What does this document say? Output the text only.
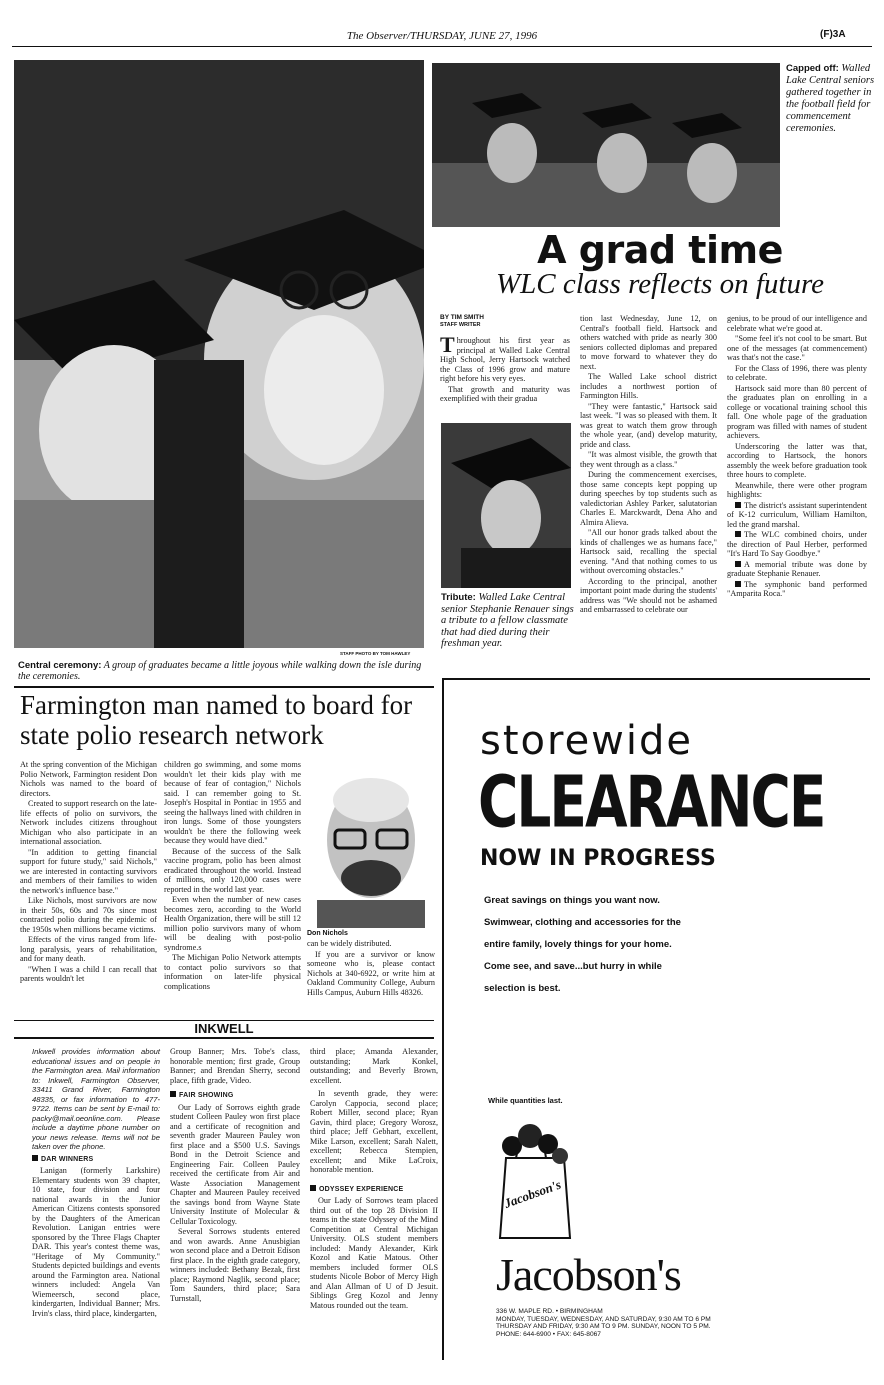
The Observer/THURSDAY, JUNE 27, 1996	(F)3A
STAFF PHOTO BY TOM HAWLEY
Central ceremony: A group of graduates became a little joyous while walking down the isle during the ceremonies.
Capped off: Walled Lake Central seniors gathered together in the football field for commencement ceremonies.
A grad time
WLC class reflects on future
BY TIM SMITH
STAFF WRITER

Throughout his first year as principal at Walled Lake Central High School, Jerry Hartsock watched the Class of 1996 grow and mature right before his very eyes.

That growth and maturity was exemplified with their gradua

Tribute: Walled Lake Central senior Stephanie Renauer sings a tribute to a fellow classmate that had died during their freshman year.

tion last Wednesday, June 12, on Central's football field. Hartsock and others watched with pride as nearly 300 seniors collected diplomas and prepared to move forward to whatever they do next.

The Walled Lake school district includes a northwest portion of Farmington Hills.

"They were fantastic," Hartsock said last week. "I was so pleased with them. It was great to watch them grow through the whole year, (and) develop maturity, pride and class.

"It was almost visible, the growth that they went through as a class."

During the commencement exercises, those same concepts kept popping up during speeches by top students such as valedictorian Ashley Parker, salutatorian Charles E. Marckwardt, Dena Aho and Almira Alieva.

"All our honor grads talked about the kinds of challenges we as humans face," Hartsock said, recalling the special evening. "And that nothing comes to us without overcoming obstacles."

According to the principal, another important point made during the students' address was "We should not be ashamed and embarrassed to celebrate our

genius, to be proud of our intelligence and celebrate what we're good at.

"Some feel it's not cool to be smart. But one of the messages (at commencement) was that's not the case."

For the Class of 1996, there was plenty to celebrate.

Hartsock said more than 80 percent of the graduates plan on enrolling in a college or vocational training school this fall. One whole page of the graduation program was filled with names of student achievers.

Underscoring the latter was that, according to Hartsock, the honors assembly the week before graduation took three hours to complete.

Meanwhile, there were other program highlights:

The district's assistant superintendent of K-12 curriculum, William Hamilton, led the grand marshal.

The WLC combined choirs, under the direction of Paul Herber, performed "It's Hard To Say Goodbye."

A memorial tribute was done by graduate Stephanie Renauer.

The symphonic band performed "Amparita Roca."

Farmington man named to board for state polio research network

At the spring convention of the Michigan Polio Network, Farmington resident Don Nichols was named to the board of directors.

Created to support research on the late-life effects of polio on survivors, the Network includes citizens throughout Michigan who also participate in an international association.

"In addition to getting financial support for future study," said Nichols," we are interested in contacting survivors and members of their families to widen the network's influence base."

Like Nichols, most survivors are now in their 50s, 60s and 70s since most contracted polio during the epidemic of the 1950s when millions became victims.

Effects of the virus ranged from life-long paralysis, years of rehabilitation, and for many death.

"When I was a child I can recall that parents wouldn't let

children go swimming, and some moms wouldn't let their kids play with me because of fear of contagion," Nichols said. I can remember going to St. Joseph's Hospital in Pontiac in 1955 and seeing the hallways lined with children in iron lungs. Some of those youngsters wouldn't be there the following week because they would have died."

Because of the success of the Salk vaccine program, polio has been almost eradicated throughout the world. Instead of millions, only 120,000 cases were reported in the world last year.

Even when the number of new cases becomes zero, according to the World Health Organization, there will be still 12 million polio survivors many of whom will be dealing with post-polio syndrome.s

The Michigan Polio Network attempts to contact polio survivors so that information on later-life physical complications

Don Nichols

can be widely distributed.

If you are a survivor or know someone who is, please contact Nichols at 340-6922, or write him at Oakland Community College, Auburn Hills Campus, Auburn Hills 48326.

INKWELL

Inkwell provides information about educational issues and on people in the Farmington area. Mail information to: Inkwell, Farmington Observer, 33411 Grand River, Farmington 48335, or fax information to 477-9722. Items can be sent by E-mail to: packy@mail.oeonline.com. Please include a daytime phone number on your news release. Items will not be taken over the phone.

DAR WINNERS

Lanigan (formerly Larkshire) Elementary students won 39 chapter, 10 state, four division and four national awards in the Junior American Citizens contests sponsored by the Daughters of the American Revolution. Lanigan entries were sponsored by the Three Flags Chapter DAR. This year's contest theme was, "Heritage of My Community." Students depicted buildings and events around the Farmington area. National winners included: Angela Van Wiemeersch, second place, kindergarten, Individual Banner; Mrs. Irvin's class, third place, kindergarten,

Group Banner; Mrs. Tobe's class, honorable mention; first grade, Group Banner; and Brendan Sherry, second place, fifth grade, Video.

FAIR SHOWING

Our Lady of Sorrows eighth grade student Colleen Pauley won first place and a certificate of recognition and seventh grader Maureen Pauley won first place and a $500 U.S. Savings Bond in the Detroit Science and Engineering Fair. Colleen Pauley received the certificate from Air and Waste Association Management Chapter and Maureen Pauley received the savings bond from Wayne State University Institute of Molecular & Cellular Toxicology.

Several Sorrows students entered and won awards. Anne Anusbigian won second place and a Detroit Edison first place. In the eighth grade category, winners included: Bethany Bezak, first place; Raymond Naglik, second place; Tom Saunders, third place; Sara Turnstall,

third place; Amanda Alexander, outstanding; Mark Konkel, outstanding; and Beverly Brown, excellent.

In seventh grade, they were: Carolyn Cappocia, second place; Robert Miller, second place; Ryan Gavin, third place; Gregory Worosz, third place; Jeff Gebhart, excellent, Mike Larson, excellent; Sarah Nalett, excellent; Rebecca Stempien, excellent; and Mike LaCroix, honorable mention.

ODYSSEY EXPERIENCE

Our Lady of Sorrows team placed third out of the top 28 Division II teams in the state Odyssey of the Mind Competition at Central Michigan University. OLS student members included: Mandy Alexander, Kirk Kozol and Katie Matous. Other members included former OLS students Nicole Bobor of Mercy High and Alan Allman of U of D Jesuit. Siblings Greg Kozol and Jenny Matous rounded out the team.

storewide
CLEARANCE
NOW IN PROGRESS
Great savings on things you want now.
Swimwear, clothing and accessories for the
entire family, lovely things for your home.
Come see, and save...but hurry in while
selection is best.
While quantities last.
Jacobson's
Jacobson's
336 W. MAPLE RD. • BIRMINGHAM
MONDAY, TUESDAY, WEDNESDAY, AND SATURDAY, 9:30 AM TO 6 PM
THURSDAY AND FRIDAY, 9:30 AM TO 9 PM. SUNDAY, NOON TO 5 PM.
PHONE: 644-6900 • FAX: 645-8067
